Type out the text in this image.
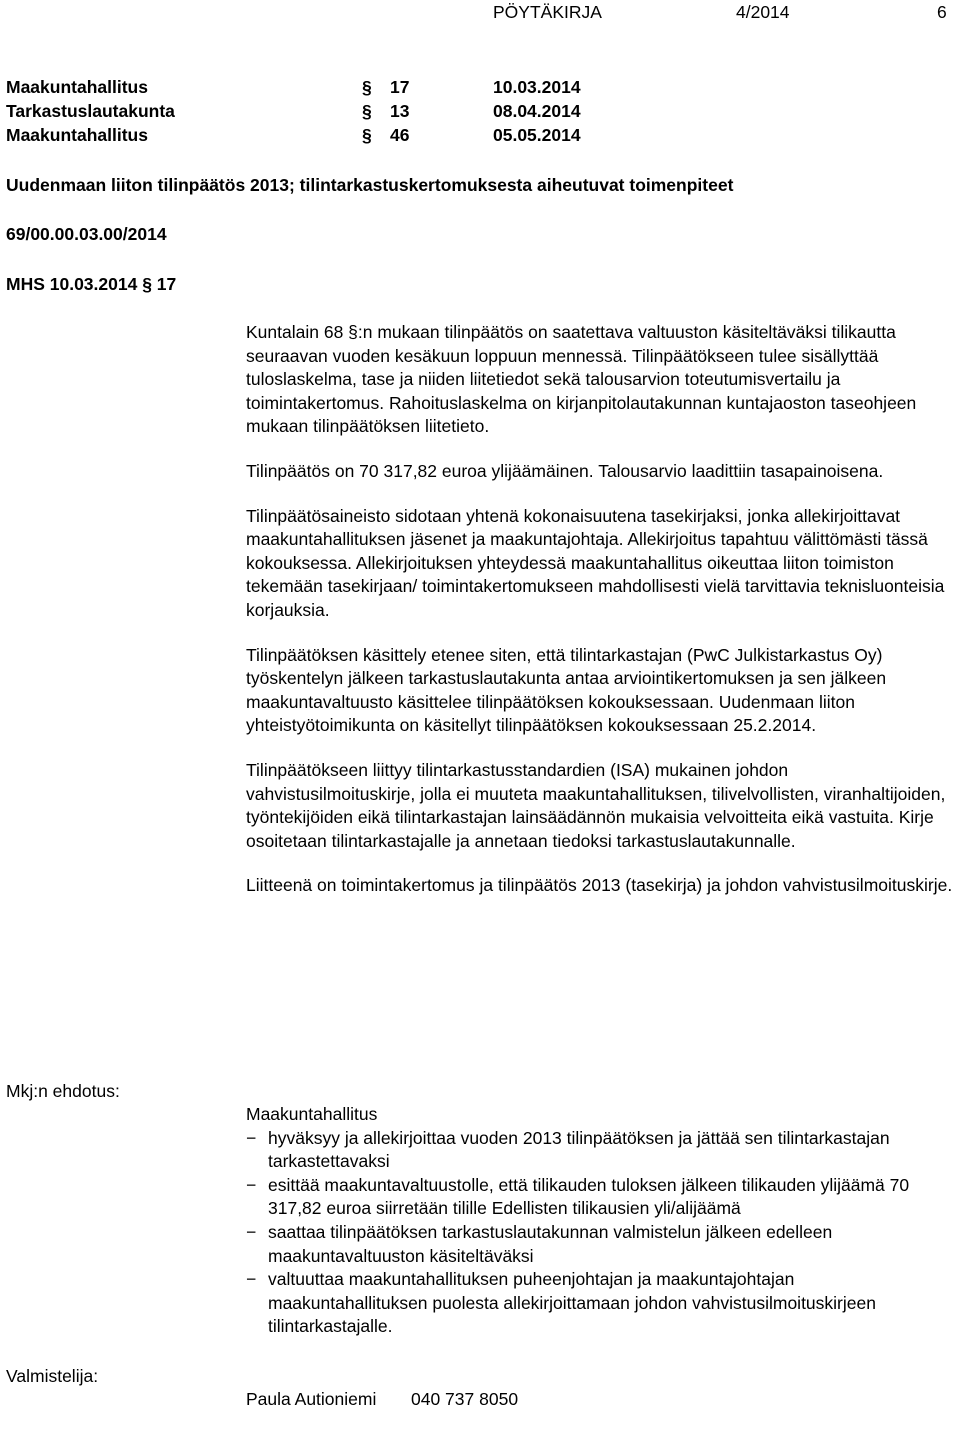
PÖYTÄKIRJA	4/2014	6
Maakuntahallitus	§ 17	10.03.2014
Tarkastuslautakunta	§ 13	08.04.2014
Maakuntahallitus	§ 46	05.05.2014
Uudenmaan liiton tilinpäätös 2013; tilintarkastuskertomuksesta aiheutuvat toimenpiteet
69/00.00.03.00/2014
MHS 10.03.2014 § 17

Kuntalain 68 §:n mukaan tilinpäätös on saatettava valtuuston käsiteltäväksi tilikautta seuraavan vuoden kesäkuun loppuun mennessä. Tilinpäätökseen tulee sisällyttää tuloslaskelma, tase ja niiden liitetiedot sekä talousarvion toteutumisvertailu ja toimintakertomus. Rahoituslaskelma on kirjanpitolautakunnan kuntajaoston taseohjeen mukaan tilinpäätöksen liitetieto.

Tilinpäätös on 70 317,82 euroa ylijäämäinen. Talousarvio laadittiin tasapainoisena.

Tilinpäätösaineisto sidotaan yhtenä kokonaisuutena tasekirjaksi, jonka allekirjoittavat maakuntahallituksen jäsenet ja maakuntajohtaja. Allekirjoitus tapahtuu välittömästi tässä kokouksessa. Allekirjoituksen yhteydessä maakuntahallitus oikeuttaa liiton toimiston tekemään tasekirjaan/ toimintakertomukseen mahdollisesti vielä tarvittavia teknisluonteisia korjauksia.

Tilinpäätöksen käsittely etenee siten, että tilintarkastajan (PwC Julkistarkastus Oy) työskentelyn jälkeen tarkastuslautakunta antaa arviointikertomuksen ja sen jälkeen maakuntavaltuusto käsittelee tilinpäätöksen kokouksessaan. Uudenmaan liiton yhteistyötoimikunta on käsitellyt tilinpäätöksen kokouksessaan 25.2.2014.

Tilinpäätökseen liittyy tilintarkastusstandardien (ISA) mukainen johdon vahvistusilmoituskirje, jolla ei muuteta maakuntahallituksen, tilivelvollisten, viranhaltijoiden, työntekijöiden eikä tilintarkastajan lainsäädännön mukaisia velvoitteita eikä vastuita. Kirje osoitetaan tilintarkastajalle ja annetaan tiedoksi tarkastuslautakunnalle.

Liitteenä on toimintakertomus ja tilinpäätös 2013 (tasekirja) ja johdon vahvistusilmoituskirje.

Mkj:n ehdotus:
Maakuntahallitus
− hyväksyy ja allekirjoittaa vuoden 2013 tilinpäätöksen ja jättää sen tilintarkastajan tarkastettavaksi
− esittää maakuntavaltuustolle, että tilikauden tuloksen jälkeen tilikauden ylijäämä 70 317,82 euroa siirretään tilille Edellisten tilikausien yli/alijäämä
− saattaa tilinpäätöksen tarkastuslautakunnan valmistelun jälkeen edelleen maakuntavaltuuston käsiteltäväksi
− valtuuttaa maakuntahallituksen puheenjohtajan ja maakuntajohtajan maakuntahallituksen puolesta allekirjoittamaan johdon vahvistusilmoituskirjeen tilintarkastajalle.
Valmistelija:
Paula Autioniemi 040 737 8050
